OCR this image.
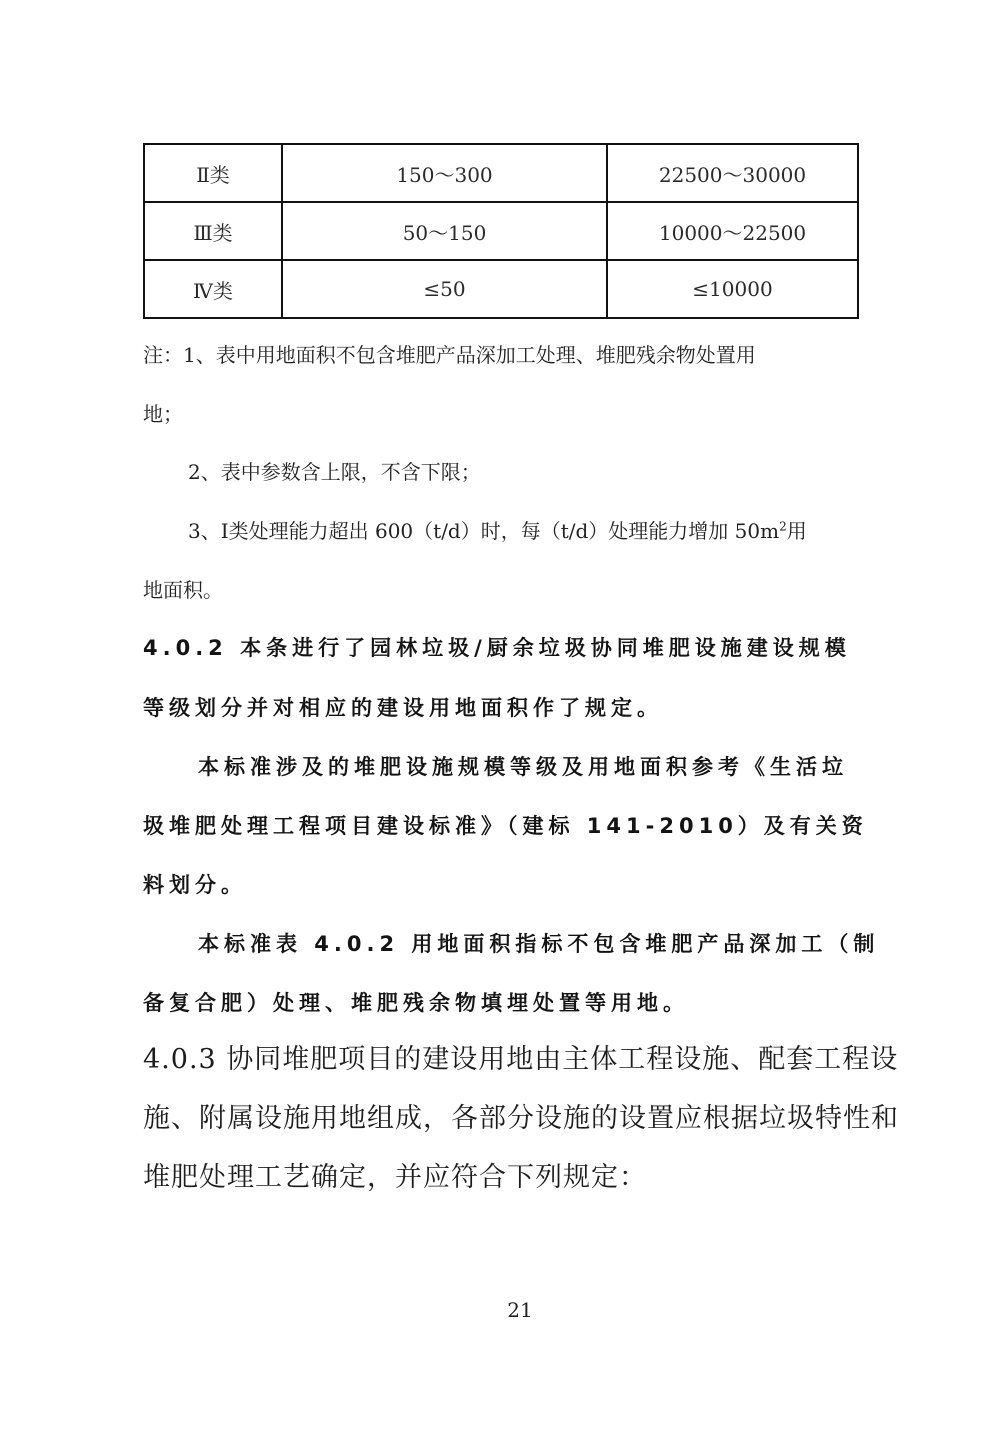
Ⅱ类	150～300	22500～30000
Ⅲ类	50～150	10000～22500
Ⅳ类	≤50	≤10000
注：1、表中用地面积不包含堆肥产品深加工处理、堆肥残余物处置用
地；
2、表中参数含上限，不含下限；
3、Ⅰ类处理能力超出 600（t/d）时，每（t/d）处理能力增加 $50m^2$用
地面积。
4.0.2 本条进行了园林垃圾/厨余垃圾协同堆肥设施建设规模
等级划分并对相应的建设用地面积作了规定。
本标准涉及的堆肥设施规模等级及用地面积参考《生活垃
圾堆肥处理工程项目建设标准》（建标 141-2010）及有关资
料划分。
本标准表 4.0.2 用地面积指标不包含堆肥产品深加工（制
备复合肥）处理、堆肥残余物填埋处置等用地。
4.0.3 协同堆肥项目的建设用地由主体工程设施、配套工程设
施、附属设施用地组成，各部分设施的设置应根据垃圾特性和
堆肥处理工艺确定，并应符合下列规定：
21
